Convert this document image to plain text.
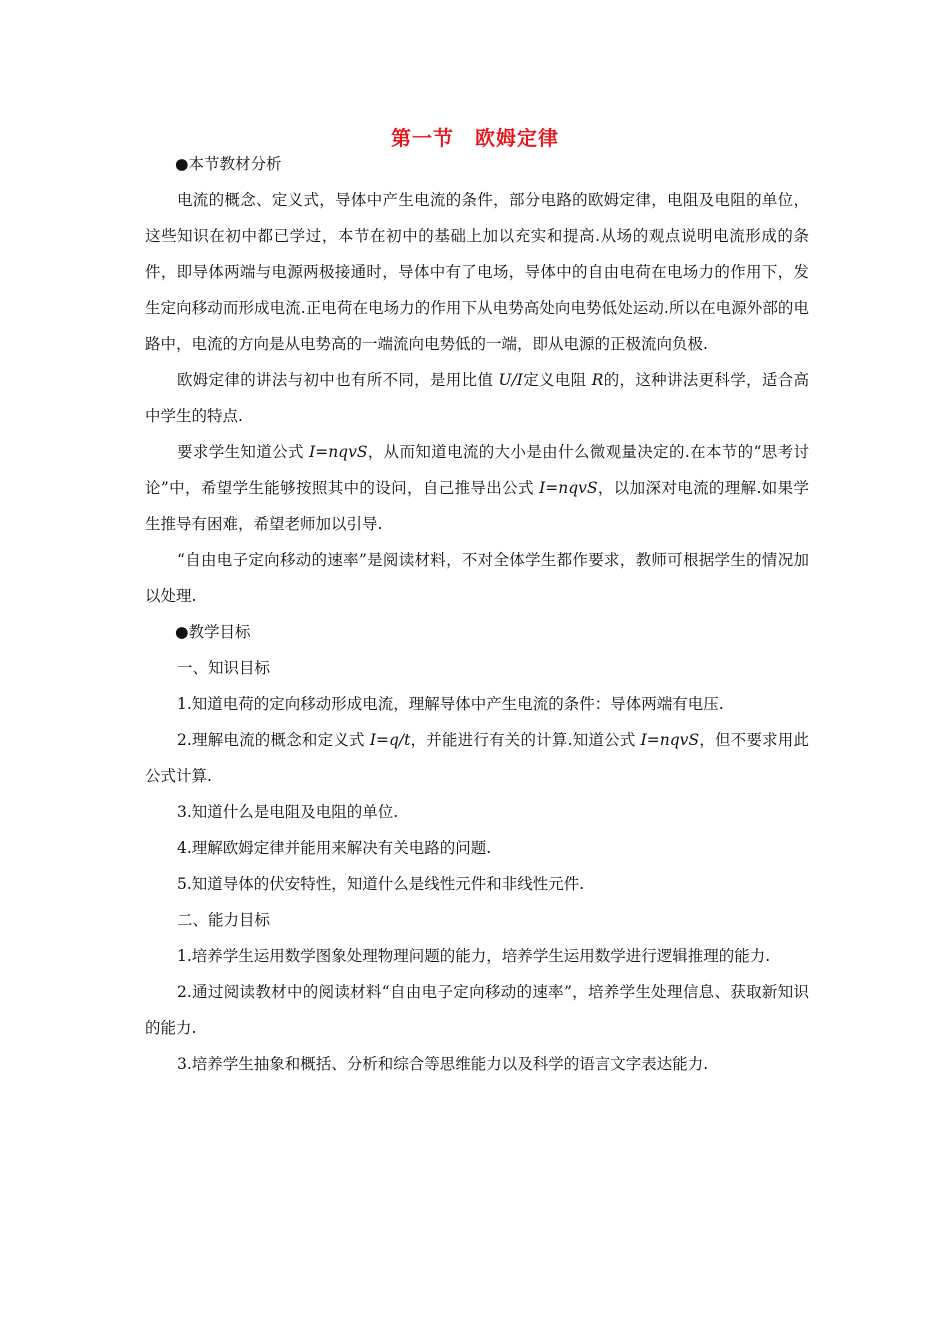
第一节　欧姆定律

●本节教材分析

电流的概念、定义式，导体中产生电流的条件，部分电路的欧姆定律，电阻及电阻的单位，这些知识在初中都已学过，本节在初中的基础上加以充实和提高.从场的观点说明电流形成的条件，即导体两端与电源两极接通时，导体中有了电场，导体中的自由电荷在电场力的作用下，发生定向移动而形成电流.正电荷在电场力的作用下从电势高处向电势低处运动.所以在电源外部的电路中，电流的方向是从电势高的一端流向电势低的一端，即从电源的正极流向负极.

欧姆定律的讲法与初中也有所不同，是用比值 U/I定义电阻 R的，这种讲法更科学，适合高中学生的特点.

要求学生知道公式 I=nqvS，从而知道电流的大小是由什么微观量决定的.在本节的“思考讨论”中，希望学生能够按照其中的设问，自己推导出公式 I=nqvS，以加深对电流的理解.如果学生推导有困难，希望老师加以引导.

“自由电子定向移动的速率”是阅读材料，不对全体学生都作要求，教师可根据学生的情况加以处理.

●教学目标

一、知识目标

1.知道电荷的定向移动形成电流，理解导体中产生电流的条件：导体两端有电压.

2.理解电流的概念和定义式 I=q/t，并能进行有关的计算.知道公式 I=nqvS，但不要求用此公式计算.

3.知道什么是电阻及电阻的单位.

4.理解欧姆定律并能用来解决有关电路的问题.

5.知道导体的伏安特性，知道什么是线性元件和非线性元件.

二、能力目标

1.培养学生运用数学图象处理物理问题的能力，培养学生运用数学进行逻辑推理的能力.

2.通过阅读教材中的阅读材料“自由电子定向移动的速率”，培养学生处理信息、获取新知识的能力.

3.培养学生抽象和概括、分析和综合等思维能力以及科学的语言文字表达能力.
